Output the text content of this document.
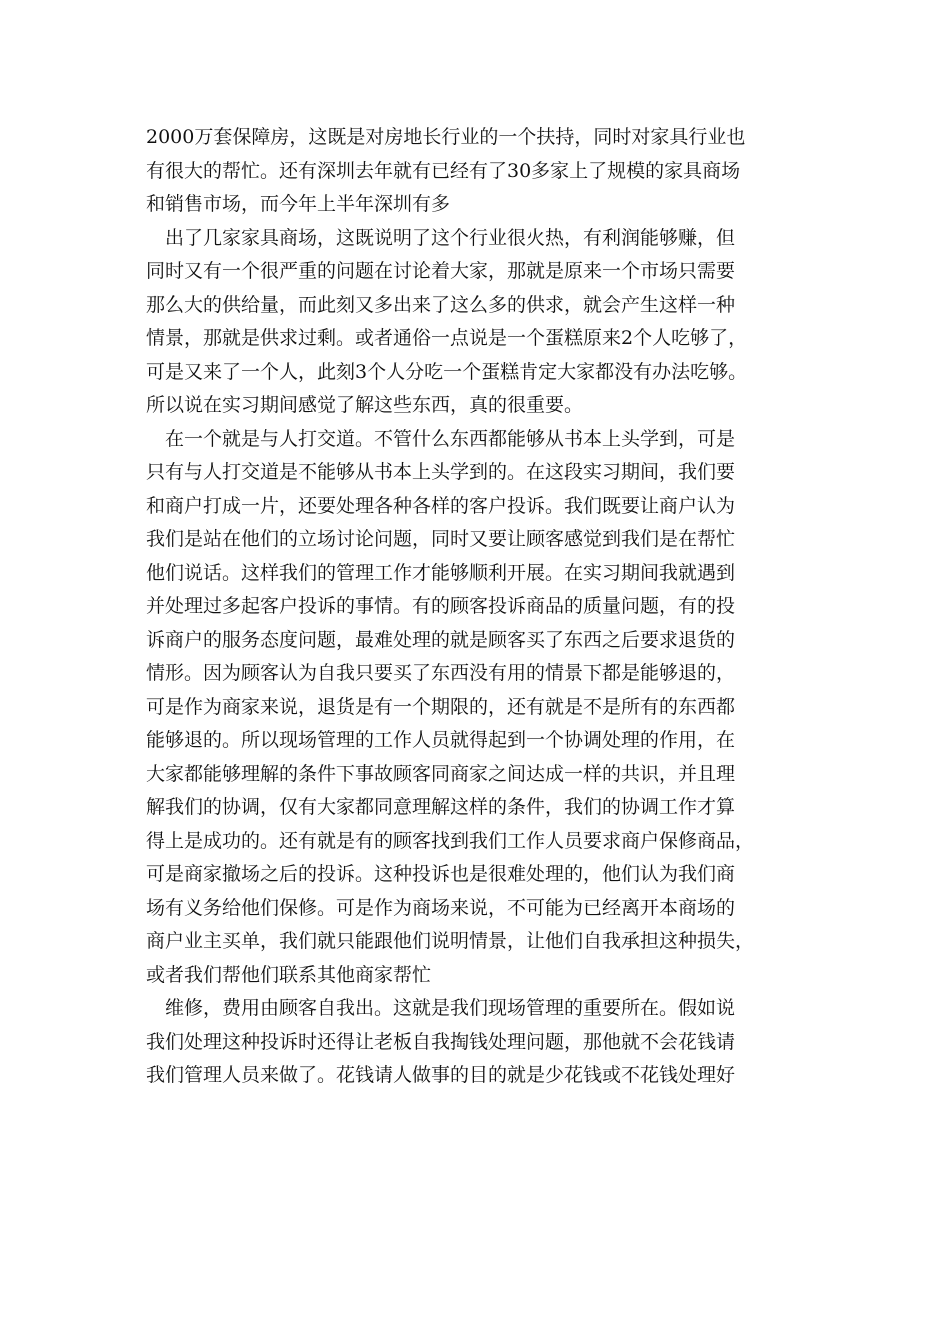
2000万套保障房，这既是对房地长行业的一个扶持，同时对家具行业也
有很大的帮忙。还有深圳去年就有已经有了30多家上了规模的家具商场
和销售市场，而今年上半年深圳有多
出了几家家具商场，这既说明了这个行业很火热，有利润能够赚，但
同时又有一个很严重的问题在讨论着大家，那就是原来一个市场只需要
那么大的供给量，而此刻又多出来了这么多的供求，就会产生这样一种
情景，那就是供求过剩。或者通俗一点说是一个蛋糕原来2个人吃够了，
可是又来了一个人，此刻3个人分吃一个蛋糕肯定大家都没有办法吃够。
所以说在实习期间感觉了解这些东西，真的很重要。
在一个就是与人打交道。不管什么东西都能够从书本上头学到，可是
只有与人打交道是不能够从书本上头学到的。在这段实习期间，我们要
和商户打成一片，还要处理各种各样的客户投诉。我们既要让商户认为
我们是站在他们的立场讨论问题，同时又要让顾客感觉到我们是在帮忙
他们说话。这样我们的管理工作才能够顺利开展。在实习期间我就遇到
并处理过多起客户投诉的事情。有的顾客投诉商品的质量问题，有的投
诉商户的服务态度问题，最难处理的就是顾客买了东西之后要求退货的
情形。因为顾客认为自我只要买了东西没有用的情景下都是能够退的，
可是作为商家来说，退货是有一个期限的，还有就是不是所有的东西都
能够退的。所以现场管理的工作人员就得起到一个协调处理的作用，在
大家都能够理解的条件下事故顾客同商家之间达成一样的共识，并且理
解我们的协调，仅有大家都同意理解这样的条件，我们的协调工作才算
得上是成功的。还有就是有的顾客找到我们工作人员要求商户保修商品，
可是商家撤场之后的投诉。这种投诉也是很难处理的，他们认为我们商
场有义务给他们保修。可是作为商场来说，不可能为已经离开本商场的
商户业主买单，我们就只能跟他们说明情景，让他们自我承担这种损失，
或者我们帮他们联系其他商家帮忙
维修，费用由顾客自我出。这就是我们现场管理的重要所在。假如说
我们处理这种投诉时还得让老板自我掏钱处理问题，那他就不会花钱请
我们管理人员来做了。花钱请人做事的目的就是少花钱或不花钱处理好
